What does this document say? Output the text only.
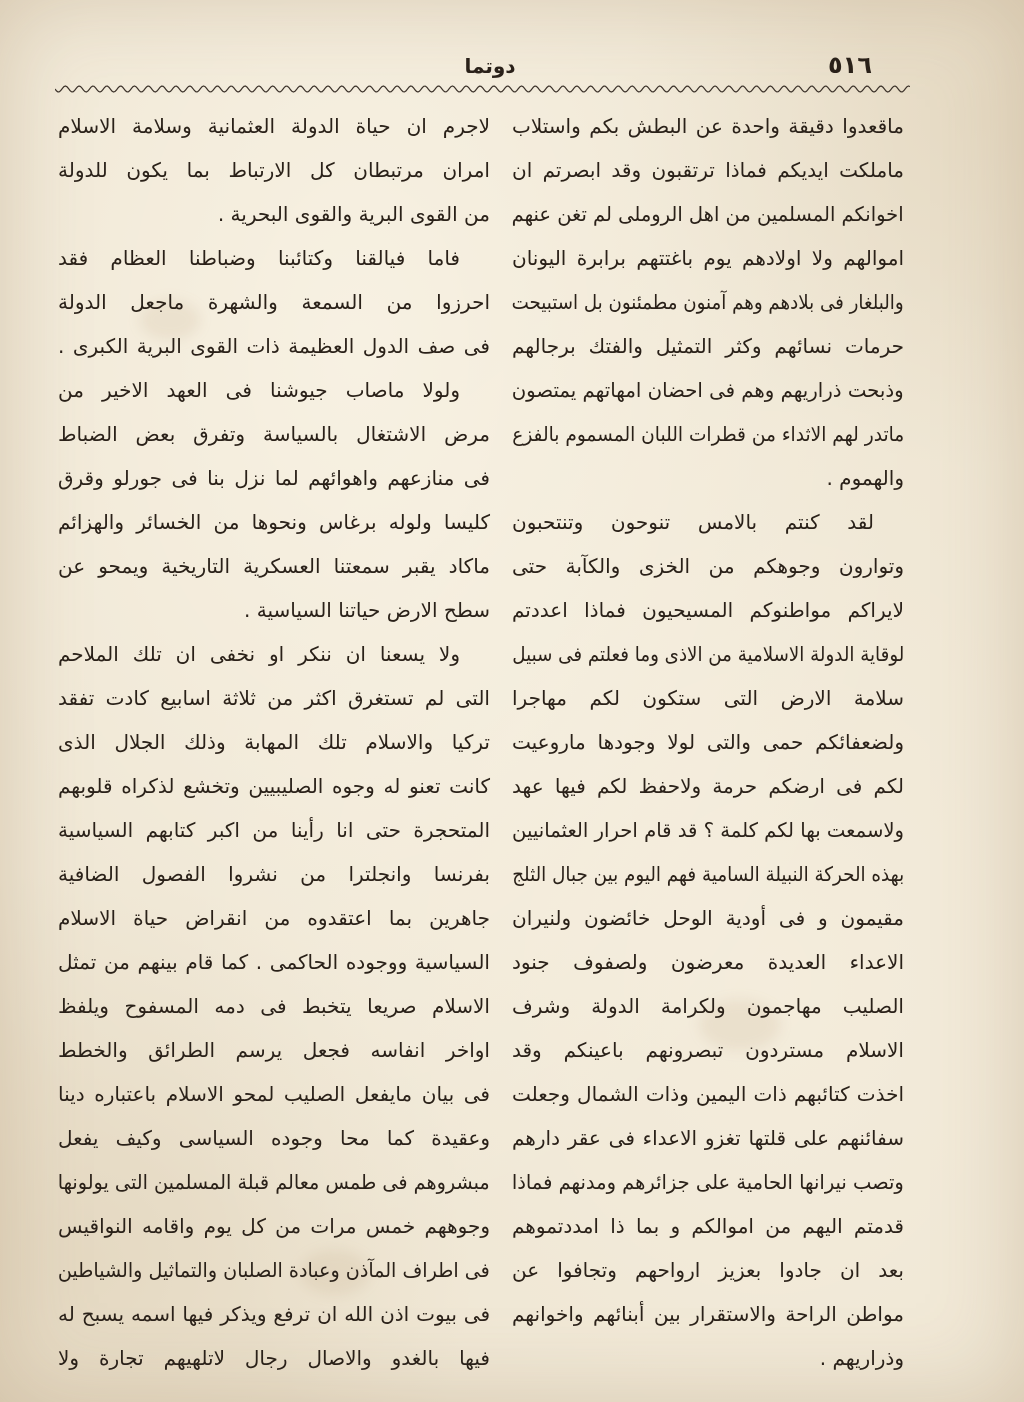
٥١٦
دوتما
ماقعدوا دقيقة واحدة عن البطش بكم واستلاب
ماملكت ايديكم فماذا ترتقبون وقد ابصرتم ان
اخوانكم المسلمين من اهل الروملى لم تغن عنهم
اموالهم ولا اولادهم يوم باغتتهم برابرة اليونان
والبلغار فى بلادهم وهم آمنون مطمئنون بل استبيحت
حرمات نسائهم وكثر التمثيل والفتك برجالهم
وذبحت ذراريهم وهم فى احضان امهاتهم يمتصون
ماتدر لهم الاثداء من قطرات اللبان المسموم بالفزع
والهموم .
لقد كنتم بالامس تنوحون وتنتحبون
وتوارون وجوهكم من الخزى والكآبة حتى
لايراكم مواطنوكم المسيحيون فماذا اعددتم
لوقاية الدولة الاسلامية من الاذى وما فعلتم فى سبيل
سلامة الارض التى ستكون لكم مهاجرا
ولضعفائكم حمى والتى لولا وجودها ماروعيت
لكم فى ارضكم حرمة ولاحفظ لكم فيها عهد
ولاسمعت بها لكم كلمة ؟ قد قام احرار العثمانيين
بهذه الحركة النبيلة السامية فهم اليوم بين جبال الثلج
مقيمون و فى أودية الوحل خائضون ولنيران
الاعداء العديدة معرضون ولصفوف جنود
الصليب مهاجمون ولكرامة الدولة وشرف
الاسلام مستردون تبصرونهم باعينكم وقد
اخذت كتائبهم ذات اليمين وذات الشمال وجعلت
سفائنهم على قلتها تغزو الاعداء فى عقر دارهم
وتصب نيرانها الحامية على جزائرهم ومدنهم فماذا
قدمتم اليهم من اموالكم و بما ذا امددتموهم
بعد ان جادوا بعزيز ارواحهم وتجافوا عن
مواطن الراحة والاستقرار بين أبنائهم واخوانهم
وذراريهم .
لاجرم ان حياة الدولة العثمانية وسلامة الاسلام
امران مرتبطان كل الارتباط بما يكون للدولة
من القوى البرية والقوى البحرية .
فاما فيالقنا وكتائبنا وضباطنا العظام فقد
احرزوا من السمعة والشهرة ماجعل الدولة
فى صف الدول العظيمة ذات القوى البرية الكبرى .
ولولا ماصاب جيوشنا فى العهد الاخير من
مرض الاشتغال بالسياسة وتفرق بعض الضباط
فى منازعهم واهوائهم لما نزل بنا فى جورلو وقرق
كليسا ولوله برغاس ونحوها من الخسائر والهزائم
ماكاد يقبر سمعتنا العسكرية التاريخية ويمحو عن
سطح الارض حياتنا السياسية .
ولا يسعنا ان ننكر او نخفى ان تلك الملاحم
التى لم تستغرق اكثر من ثلاثة اسابيع كادت تفقد
تركيا والاسلام تلك المهابة وذلك الجلال الذى
كانت تعنو له وجوه الصليبيين وتخشع لذكراه قلوبهم
المتحجرة حتى انا رأينا من اكبر كتابهم السياسية
بفرنسا وانجلترا من نشروا الفصول الضافية
جاهرين بما اعتقدوه من انقراض حياة الاسلام
السياسية ووجوده الحاكمى . كما قام بينهم من تمثل
الاسلام صريعا يتخبط فى دمه المسفوح ويلفظ
اواخر انفاسه فجعل يرسم الطرائق والخطط
فى بيان مايفعل الصليب لمحو الاسلام باعتباره دينا
وعقيدة كما محا وجوده السياسى وكيف يفعل
مبشروهم فى طمس معالم قبلة المسلمين التى يولونها
وجوههم خمس مرات من كل يوم واقامه النواقيس
فى اطراف المآذن وعبادة الصلبان والتماثيل والشياطين
فى بيوت اذن الله ان ترفع ويذكر فيها اسمه يسبح له
فيها بالغدو والاصال رجال لاتلهيهم تجارة ولا
